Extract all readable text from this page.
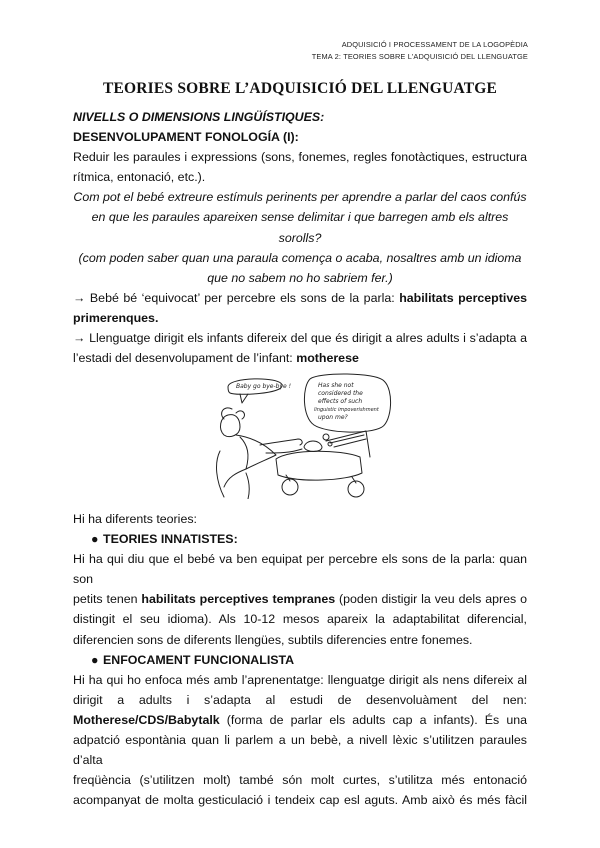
ADQUISICIÓ I PROCESSAMENT DE LA LOGOPÈDIA
TEMA 2: TEORIES SOBRE L’ADQUISICIÓ DEL LLENGUATGE
TEORIES SOBRE L’ADQUISICIÓ DEL LLENGUATGE

NIVELLS O DIMENSIONS LINGÜÍSTIQUES:

DESENVOLUPAMENT FONOLOGÍA (I):

Reduir les paraules i expressions (sons, fonemes, regles fonotàctiques, estructura

rítmica, entonació, etc.).

Com pot el bebé extreure estímuls perinents per aprendre a parlar del caos confús

en que les paraules apareixen sense delimitar i que barregen amb els altres sorolls?

(com poden saber quan una paraula comença o acaba, nosaltres amb un idioma

que no sabem no ho sabriem fer.)

→ Bebé bé ‘equivocat’ per percebre els sons de la parla: habilitats perceptives

primerenques.

→ Llenguatge dirigit els infants difereix del que és dirigit a alres adults i s’adapta a

l’estadi del desenvolupament de l’infant: motherese

Baby go bye-bye !	Has she not
considered the
effects of such
linguistic impoverishment
upon me?

Hi ha diferents teories:

● TEORIES INNATISTES:

Hi ha qui diu que el bebé va ben equipat per percebre els sons de la parla: quan son

petits tenen habilitats perceptives tempranes (poden distigir la veu dels apres o

distingit el seu idioma). Als 10-12 mesos apareix la adaptabilitat diferencial,

diferencien sons de diferents llengües, subtils diferencies entre fonemes.

● ENFOCAMENT FUNCIONALISTA

Hi ha qui ho enfoca més amb l’aprenentatge: llenguatge dirigit als nens difereix al

dirigit a adults i s’adapta al estudi de desenvoluàment del nen:

Motherese/CDS/Babytalk (forma de parlar els adults cap a infants). És una

adpatció espontània quan li parlem a un bebè, a nivell lèxic s’utilitzen paraules d’alta

freqüència (s’utilitzen molt) també són molt curtes, s’utilitza més entonació

acompanyat de molta gesticulació i tendeix cap esl aguts. Amb això és més fàcil
